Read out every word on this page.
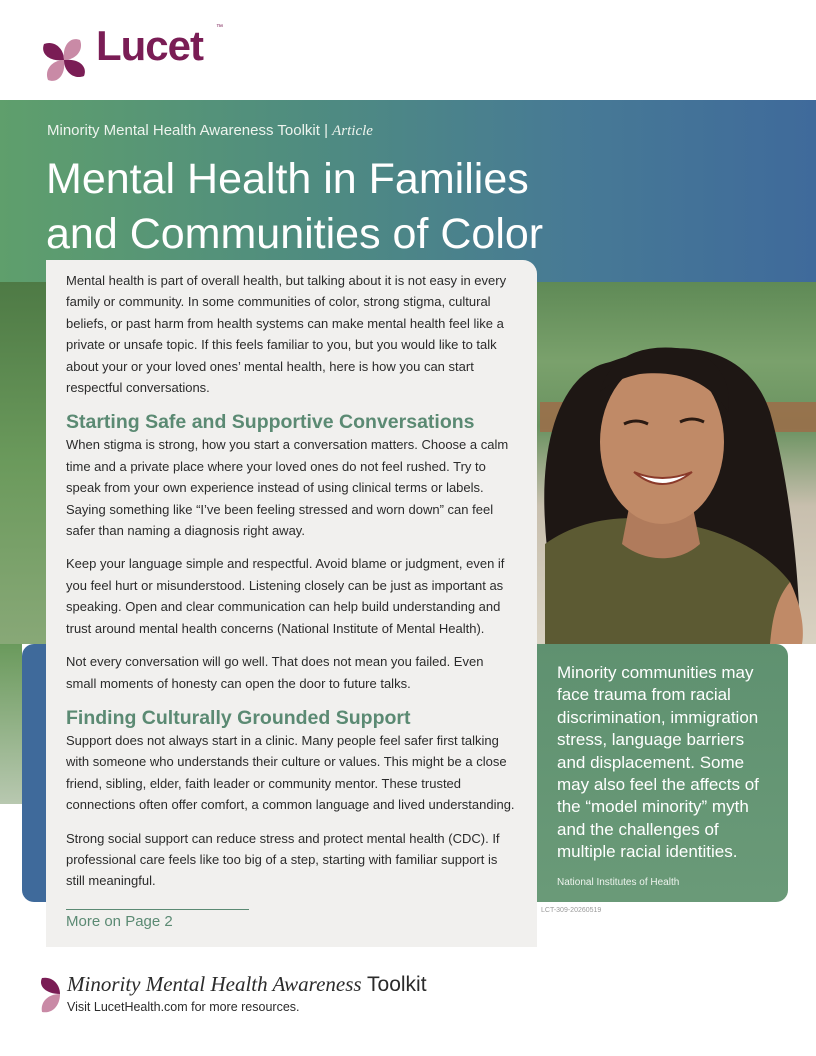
Lucet ™
Minority Mental Health Awareness Toolkit | Article
Mental Health in Families and Communities of Color

Mental health is part of overall health, but talking about it is not easy in every family or community. In some communities of color, strong stigma, cultural beliefs, or past harm from health systems can make mental health feel like a private or unsafe topic. If this feels familiar to you, but you would like to talk about your or your loved ones’ mental health, here is how you can start respectful conversations.

Starting Safe and Supportive Conversations

When stigma is strong, how you start a conversation matters. Choose a calm time and a private place where your loved ones do not feel rushed. Try to speak from your own experience instead of using clinical terms or labels. Saying something like “I’ve been feeling stressed and worn down” can feel safer than naming a diagnosis right away.

Keep your language simple and respectful. Avoid blame or judgment, even if you feel hurt or misunderstood. Listening closely can be just as important as speaking. Open and clear communication can help build understanding and trust around mental health concerns (National Institute of Mental Health).

Not every conversation will go well. That does not mean you failed. Even small moments of honesty can open the door to future talks.

Finding Culturally Grounded Support

Support does not always start in a clinic. Many people feel safer first talking with someone who understands their culture or values. This might be a close friend, sibling, elder, faith leader or community mentor. These trusted connections often offer comfort, a common language and lived understanding.

Strong social support can reduce stress and protect mental health (CDC). If professional care feels like too big of a step, starting with familiar support is still meaningful.

More on Page 2

Minority communities may face trauma from racial discrimination, immigration stress, language barriers and displacement. Some may also feel the affects of the “model minority” myth and the challenges of multiple racial identities.

National Institutes of Health
LCT-309-20260519
Minority Mental Health Awareness Toolkit
Visit LucetHealth.com for more resources.
